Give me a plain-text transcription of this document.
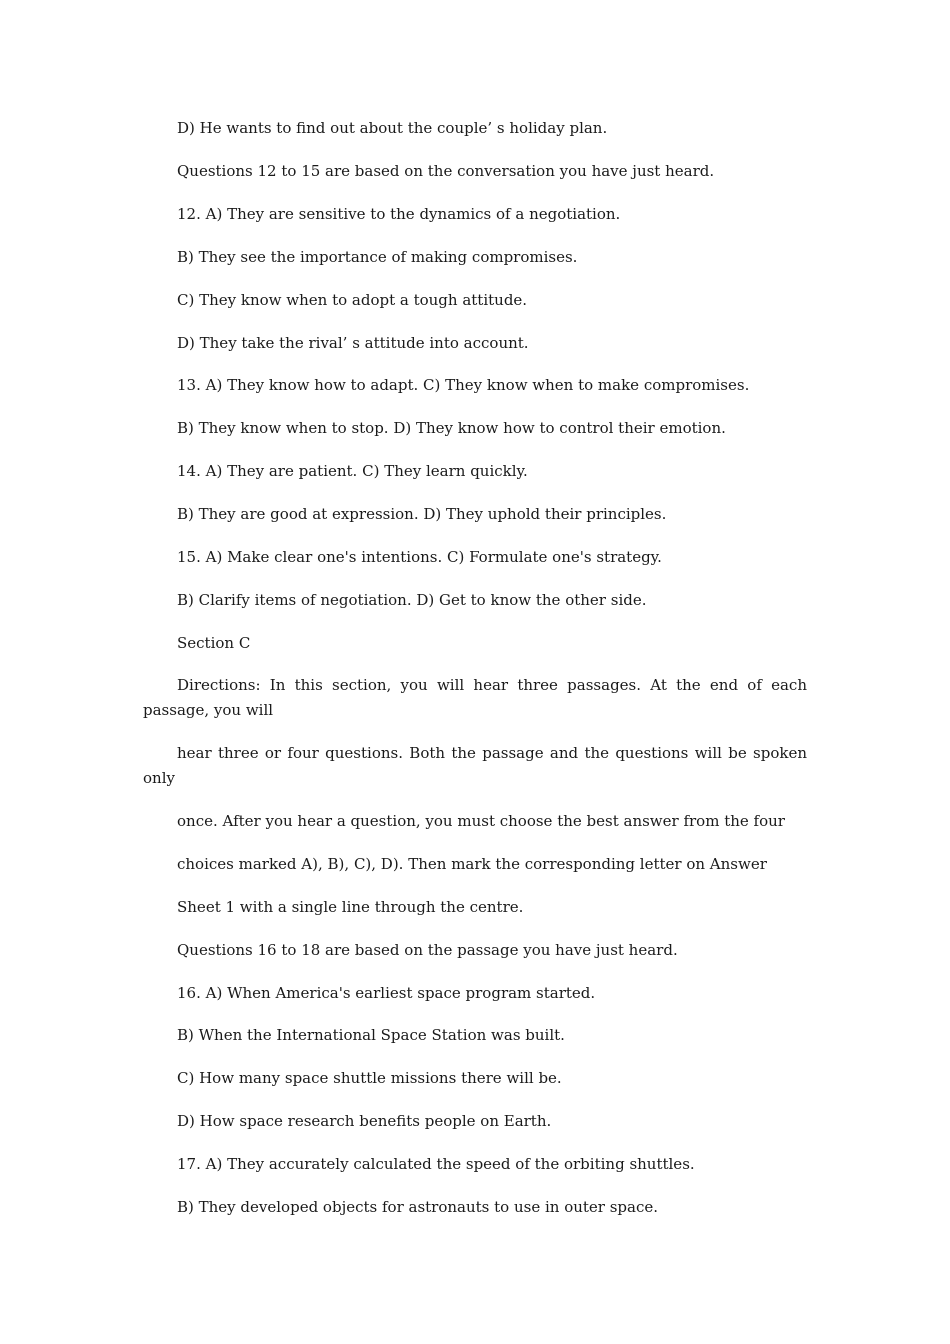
D) He wants to find out about the couple’ s holiday plan.
Questions 12 to 15 are based on the conversation you have just heard.
12. A) They are sensitive to the dynamics of a negotiation.
B) They see the importance of making compromises.
C) They know when to adopt a tough attitude.
D) They take the rival’ s attitude into account.
13. A) They know how to adapt. C) They know when to make compromises.
B) They know when to stop. D) They know how to control their emotion.
14. A) They are patient. C) They learn quickly.
B) They are good at expression. D) They uphold their principles.
15. A) Make clear one's intentions. C) Formulate one's strategy.
B) Clarify items of negotiation. D) Get to know the other side.
Section C
Directions: In this section, you will hear three passages. At the end of each passage, you will
hear three or four questions. Both the passage and the questions will be spoken only
once. After you hear a question, you must choose the best answer from the four
choices marked A), B), C), D). Then mark the corresponding letter on Answer
Sheet 1 with a single line through the centre.
Questions 16 to 18 are based on the passage you have just heard.
16. A) When America's earliest space program started.
B) When the International Space Station was built.
C) How many space shuttle missions there will be.
D) How space research benefits people on Earth.
17. A) They accurately calculated the speed of the orbiting shuttles.
B) They developed objects for astronauts to use in outer space.
